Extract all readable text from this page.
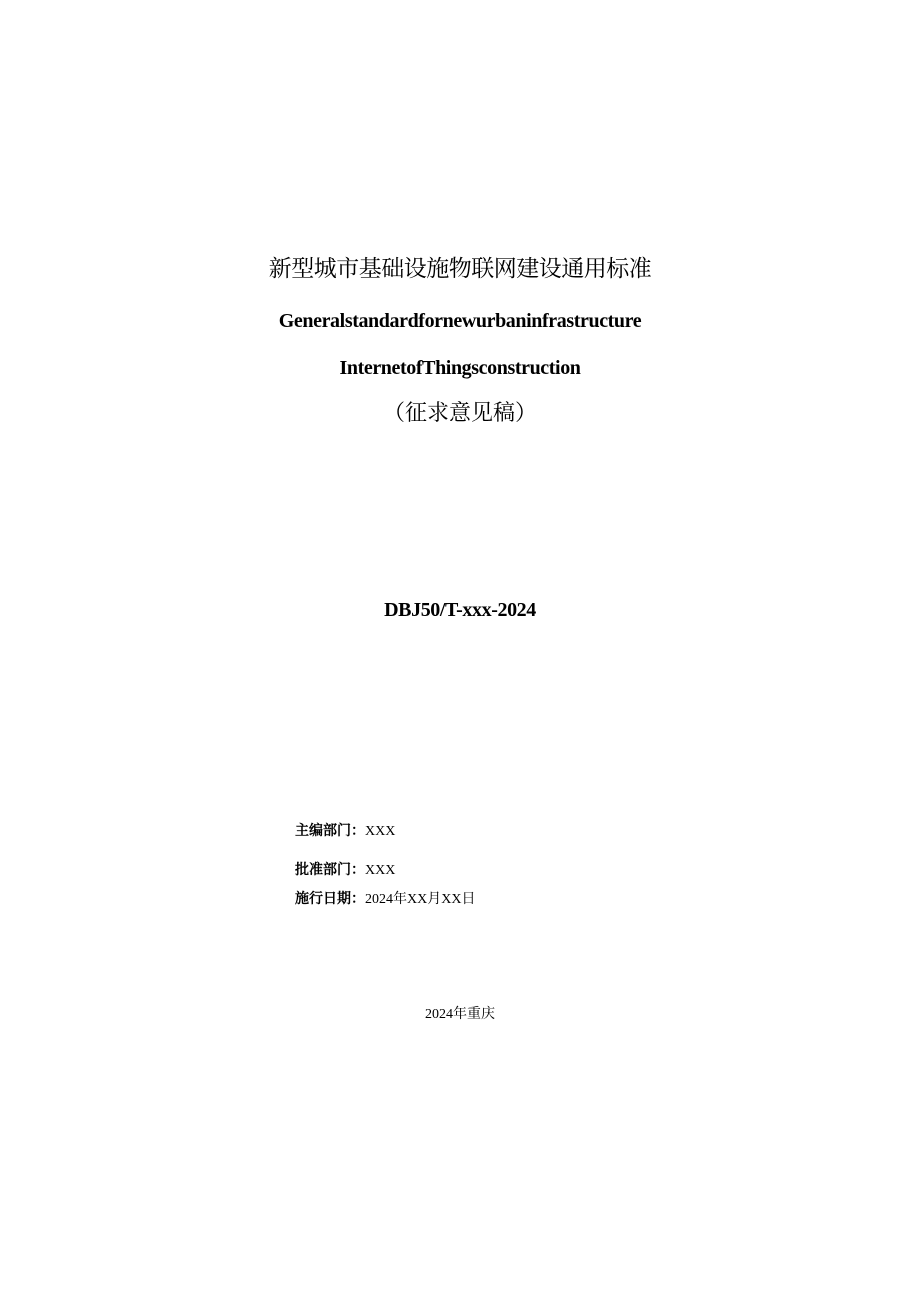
新型城市基础设施物联网建设通用标准
Generalstandardfornewurbaninfrastructure
InternetofThingsconstruction
（征求意见稿）
DBJ50/T-xxx-2024
主编部门：XXX
批准部门：XXX
施行日期：2024年XX月XX日
2024年重庆
